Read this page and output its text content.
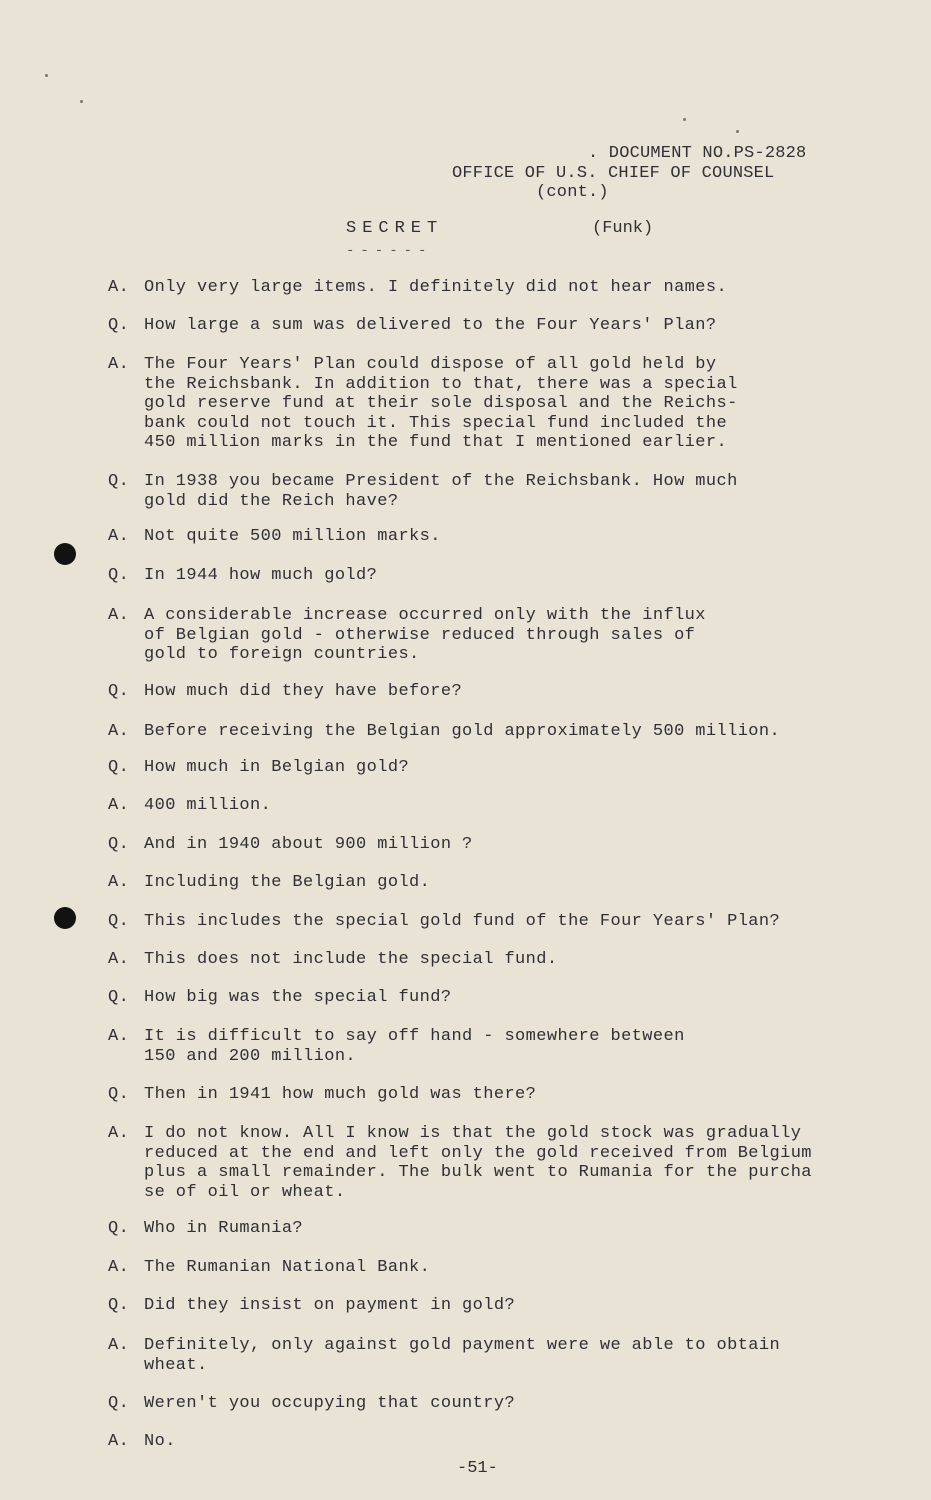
. DOCUMENT NO.PS-2828
OFFICE OF U.S. CHIEF OF COUNSEL
(cont.)
SECRET
------
(Funk)
A. Only very large items. I definitely did not hear names.
Q. How large a sum was delivered to the Four Years' Plan?
A. The Four Years' Plan could dispose of all gold held by
the Reichsbank. In addition to that, there was a special
gold reserve fund at their sole disposal and the Reichs-
bank could not touch it. This special fund included the
450 million marks in the fund that I mentioned earlier.
Q. In 1938 you became President of the Reichsbank. How much
gold did the Reich have?
A. Not quite 500 million marks.
Q. In 1944 how much gold?
A. A considerable increase occurred only with the influx
of Belgian gold - otherwise reduced through sales of
gold to foreign countries.
Q. How much did they have before?
A. Before receiving the Belgian gold approximately 500 million.
Q. How much in Belgian gold?
A. 400 million.
Q. And in 1940 about 900 million ?
A. Including the Belgian gold.
Q. This includes the special gold fund of the Four Years' Plan?
A. This does not include the special fund.
Q. How big was the special fund?
A. It is difficult to say off hand - somewhere between
150 and 200 million.
Q. Then in 1941 how much gold was there?
A. I do not know. All I know is that the gold stock was gradually
reduced at the end and left only the gold received from Belgium
plus a small remainder. The bulk went to Rumania for the purcha
se of oil or wheat.
Q. Who in Rumania?
A. The Rumanian National Bank.
Q. Did they insist on payment in gold?
A. Definitely, only against gold payment were we able to obtain
wheat.
Q. Weren't you occupying that country?
A. No.
-51-
